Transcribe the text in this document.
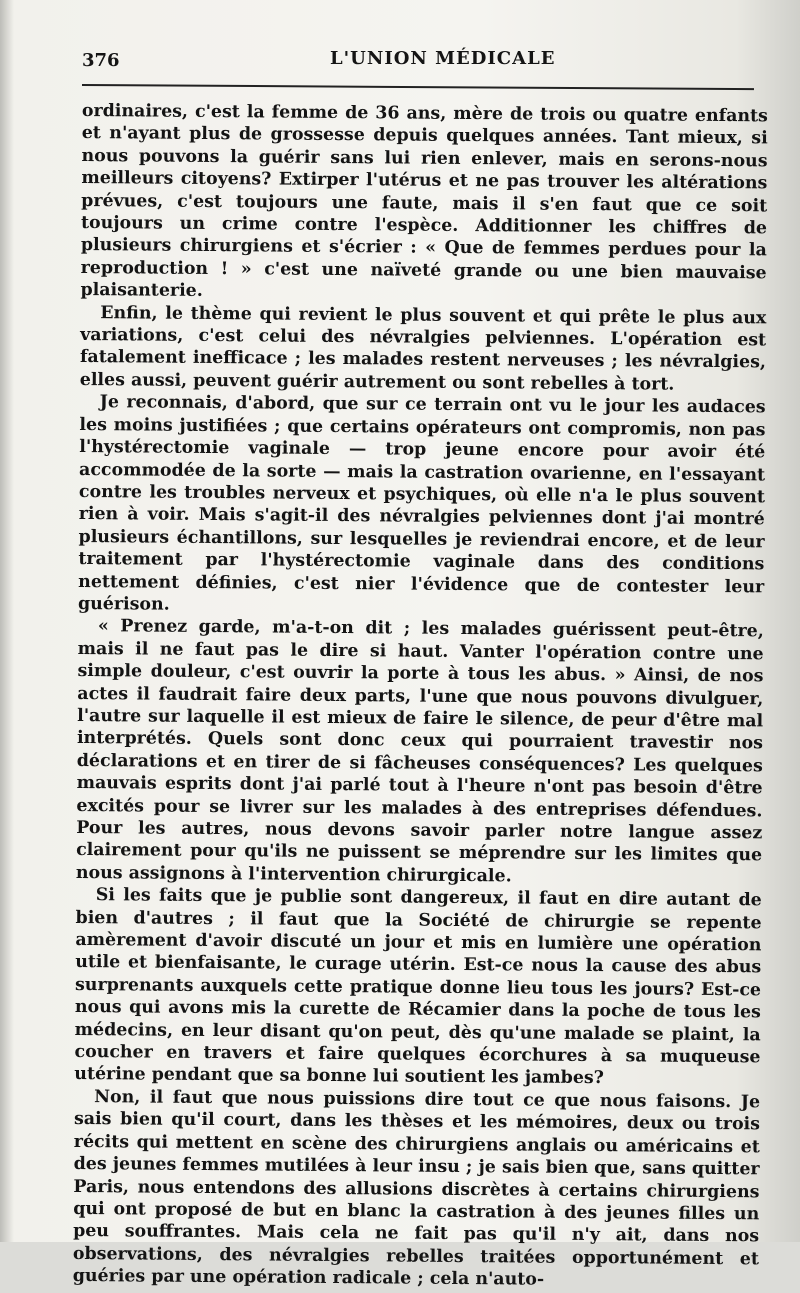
376	L'UNION MÉDICALE

ordinaires, c'est la femme de 36 ans, mère de trois ou quatre enfants et n'ayant plus de grossesse depuis quelques années. Tant mieux, si nous pouvons la guérir sans lui rien enlever, mais en serons-nous meilleurs citoyens? Extirper l'utérus et ne pas trouver les altérations prévues, c'est toujours une faute, mais il s'en faut que ce soit toujours un crime contre l'espèce. Additionner les chiffres de plusieurs chirurgiens et s'écrier : « Que de femmes perdues pour la reproduction ! » c'est une naïveté grande ou une bien mauvaise plaisanterie.

Enfin, le thème qui revient le plus souvent et qui prête le plus aux variations, c'est celui des névralgies pelviennes. L'opération est fatalement inefficace ; les malades restent nerveuses ; les névralgies, elles aussi, peuvent guérir autrement ou sont rebelles à tort.

Je reconnais, d'abord, que sur ce terrain ont vu le jour les audaces les moins justifiées ; que certains opérateurs ont compromis, non pas l'hystérectomie vaginale — trop jeune encore pour avoir été accommodée de la sorte — mais la castration ovarienne, en l'essayant contre les troubles nerveux et psychiques, où elle n'a le plus souvent rien à voir. Mais s'agit-il des névralgies pelviennes dont j'ai montré plusieurs échantillons, sur lesquelles je reviendrai encore, et de leur traitement par l'hystérectomie vaginale dans des conditions nettement définies, c'est nier l'évidence que de contester leur guérison.

« Prenez garde, m'a-t-on dit ; les malades guérissent peut-être, mais il ne faut pas le dire si haut. Vanter l'opération contre une simple douleur, c'est ouvrir la porte à tous les abus. » Ainsi, de nos actes il faudrait faire deux parts, l'une que nous pouvons divulguer, l'autre sur laquelle il est mieux de faire le silence, de peur d'être mal interprétés. Quels sont donc ceux qui pourraient travestir nos déclarations et en tirer de si fâcheuses conséquences? Les quelques mauvais esprits dont j'ai parlé tout à l'heure n'ont pas besoin d'être excités pour se livrer sur les malades à des entreprises défendues. Pour les autres, nous devons savoir parler notre langue assez clairement pour qu'ils ne puissent se méprendre sur les limites que nous assignons à l'intervention chirurgicale.

Si les faits que je publie sont dangereux, il faut en dire autant de bien d'autres ; il faut que la Société de chirurgie se repente amèrement d'avoir discuté un jour et mis en lumière une opération utile et bienfaisante, le curage utérin. Est-ce nous la cause des abus surprenants auxquels cette pratique donne lieu tous les jours? Est-ce nous qui avons mis la curette de Récamier dans la poche de tous les médecins, en leur disant qu'on peut, dès qu'une malade se plaint, la coucher en travers et faire quelques écorchures à sa muqueuse utérine pendant que sa bonne lui soutient les jambes?

Non, il faut que nous puissions dire tout ce que nous faisons. Je sais bien qu'il court, dans les thèses et les mémoires, deux ou trois récits qui mettent en scène des chirurgiens anglais ou américains et des jeunes femmes mutilées à leur insu ; je sais bien que, sans quitter Paris, nous entendons des allusions discrètes à certains chirurgiens qui ont proposé de but en blanc la castration à des jeunes filles un peu souffrantes. Mais cela ne fait pas qu'il n'y ait, dans nos observations, des névralgies rebelles traitées opportunément et guéries par une opération radicale ; cela n'auto-
